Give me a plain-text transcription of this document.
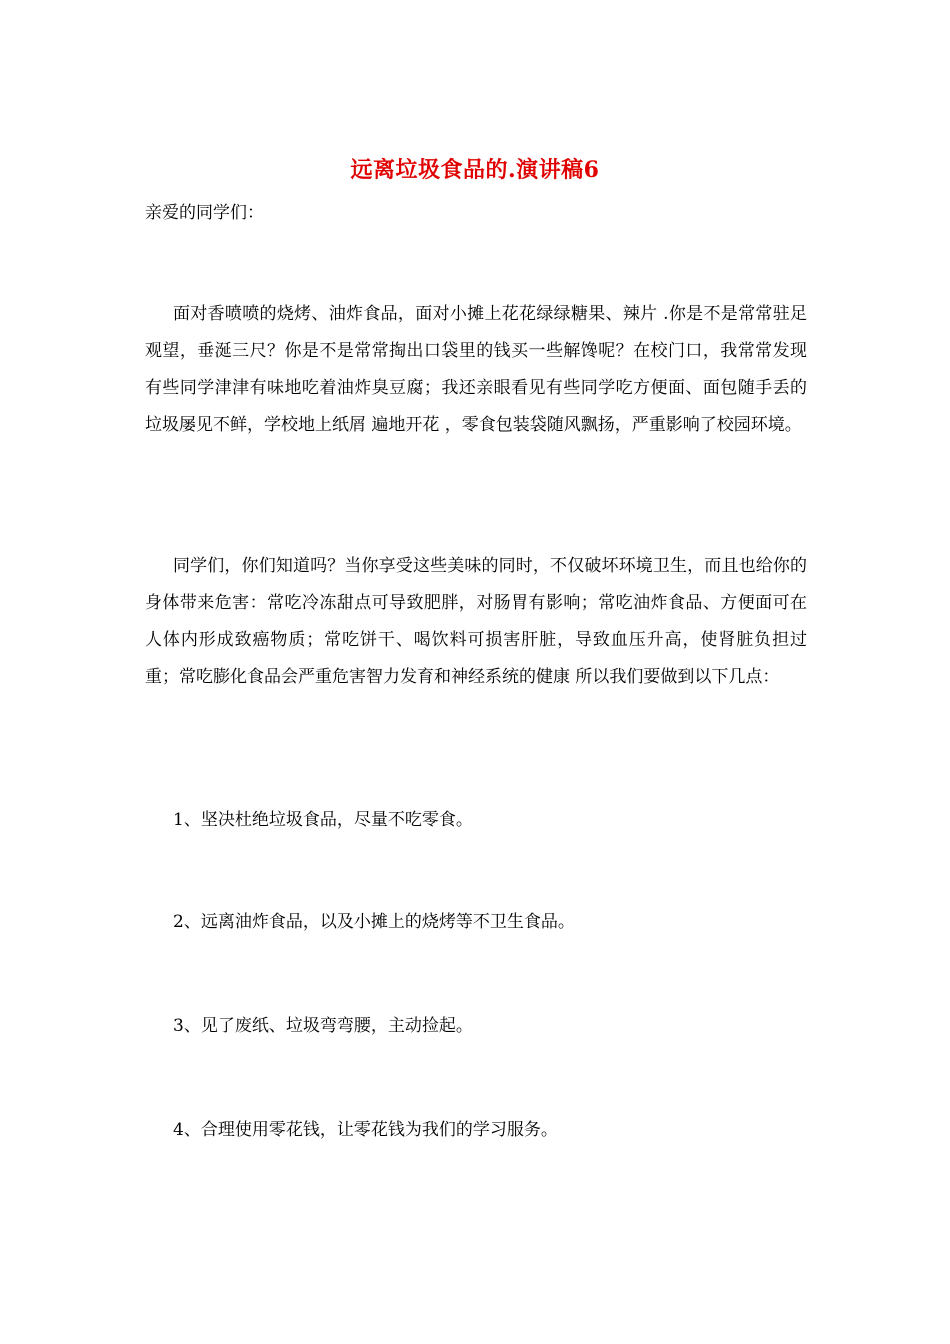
远离垃圾食品的.演讲稿6
亲爱的同学们：
面对香喷喷的烧烤、油炸食品，面对小摊上花花绿绿糖果、辣片 .你是不是常常驻足观望，垂涎三尺？你是不是常常掏出口袋里的钱买一些解馋呢？在校门口，我常常发现有些同学津津有味地吃着油炸臭豆腐；我还亲眼看见有些同学吃方便面、面包随手丢的垃圾屡见不鲜，学校地上纸屑 遍地开花 ，零食包装袋随风飘扬，严重影响了校园环境。
同学们，你们知道吗？当你享受这些美味的同时，不仅破坏环境卫生，而且也给你的身体带来危害：常吃冷冻甜点可导致肥胖，对肠胃有影响；常吃油炸食品、方便面可在人体内形成致癌物质；常吃饼干、喝饮料可损害肝脏，导致血压升高，使肾脏负担过重；常吃膨化食品会严重危害智力发育和神经系统的健康 所以我们要做到以下几点：
1、坚决杜绝垃圾食品，尽量不吃零食。
2、远离油炸食品，以及小摊上的烧烤等不卫生食品。
3、见了废纸、垃圾弯弯腰，主动捡起。
4、合理使用零花钱，让零花钱为我们的学习服务。
